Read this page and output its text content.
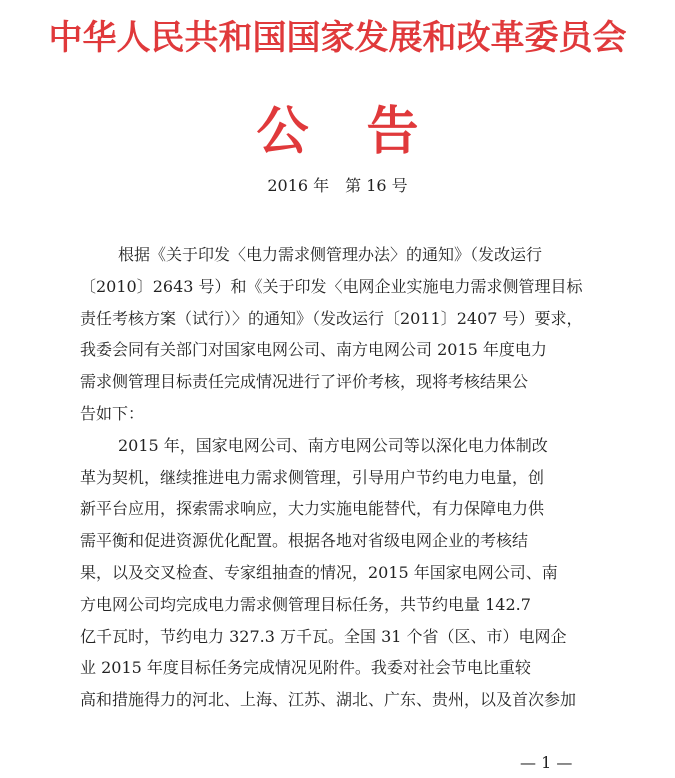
中华人民共和国国家发展和改革委员会
公告
2016 年　第 16 号
根据《关于印发〈电力需求侧管理办法〉的通知》（发改运行
〔2010〕2643 号）和《关于印发〈电网企业实施电力需求侧管理目标
责任考核方案（试行）〉的通知》（发改运行〔2011〕2407 号）要求，
我委会同有关部门对国家电网公司、南方电网公司 2015 年度电力
需求侧管理目标责任完成情况进行了评价考核，现将考核结果公
告如下：
2015 年，国家电网公司、南方电网公司等以深化电力体制改
革为契机，继续推进电力需求侧管理，引导用户节约电力电量，创
新平台应用，探索需求响应，大力实施电能替代，有力保障电力供
需平衡和促进资源优化配置。根据各地对省级电网企业的考核结
果，以及交叉检查、专家组抽查的情况，2015 年国家电网公司、南
方电网公司均完成电力需求侧管理目标任务，共节约电量 142.7
亿千瓦时，节约电力 327.3 万千瓦。全国 31 个省（区、市）电网企
业 2015 年度目标任务完成情况见附件。我委对社会节电比重较
高和措施得力的河北、上海、江苏、湖北、广东、贵州，以及首次参加
— 1 —
